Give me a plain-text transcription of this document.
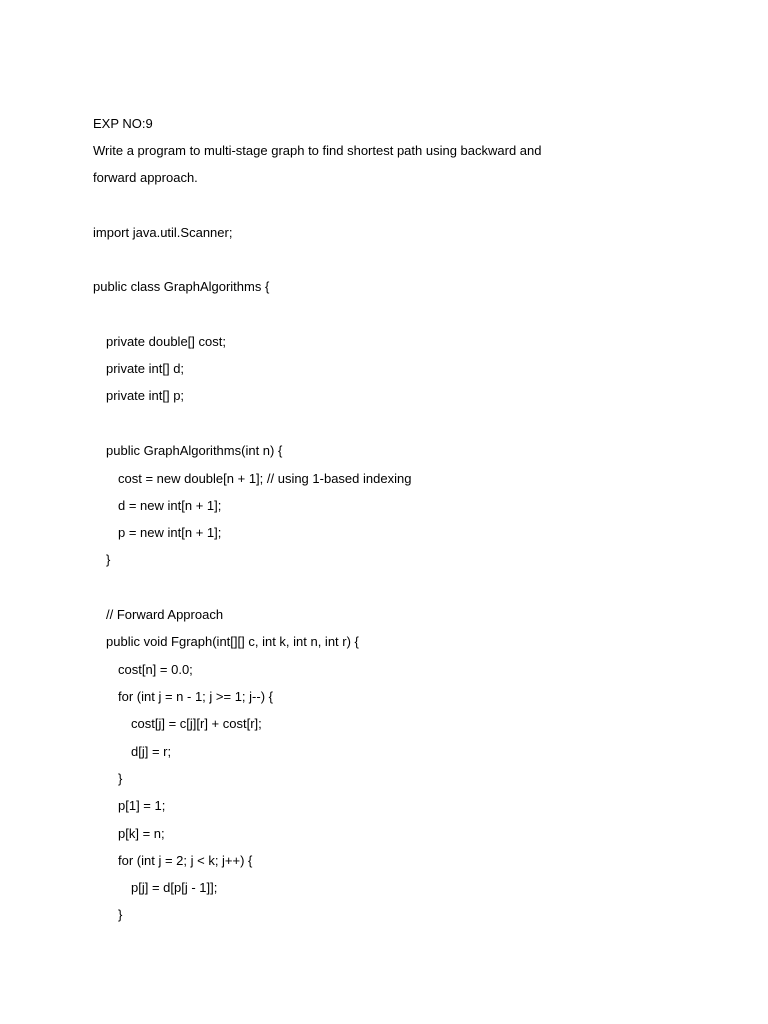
EXP NO:9
Write a program to multi-stage graph to find shortest path using backward and
forward approach.
import java.util.Scanner;
public class GraphAlgorithms {
private double[] cost;
private int[] d;
private int[] p;
public GraphAlgorithms(int n) {
cost = new double[n + 1]; // using 1-based indexing
d = new int[n + 1];
p = new int[n + 1];
}
// Forward Approach
public void Fgraph(int[][] c, int k, int n, int r) {
cost[n] = 0.0;
for (int j = n - 1; j >= 1; j--) {
cost[j] = c[j][r] + cost[r];
d[j] = r;
}
p[1] = 1;
p[k] = n;
for (int j = 2; j < k; j++) {
p[j] = d[p[j - 1]];
}
